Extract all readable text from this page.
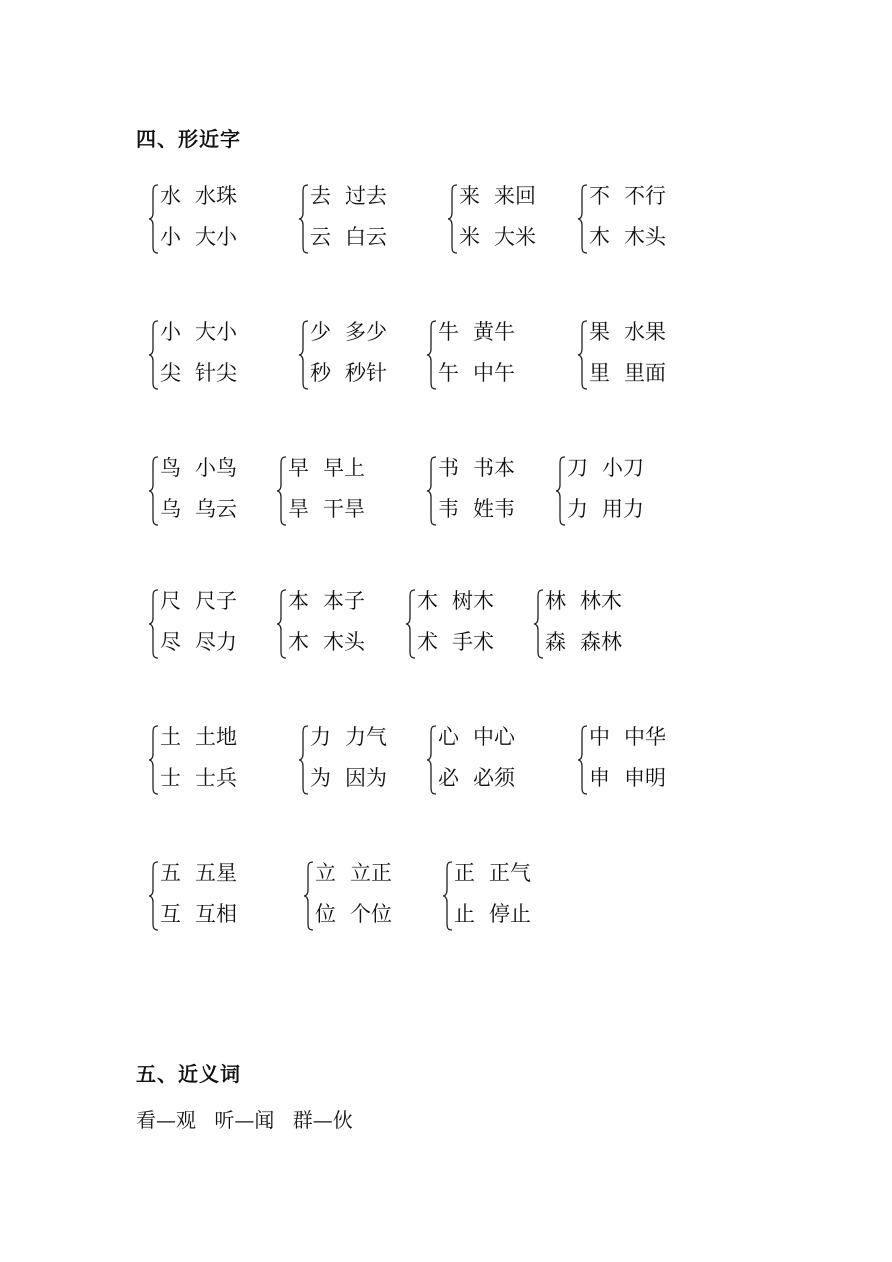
四、形近字
水 水珠
小 大小
去 过去
云 白云
来 来回
米 大米
不 不行
木 木头
小 大小
尖 针尖
少 多少
秒 秒针
牛 黄牛
午 中午
果 水果
里 里面
鸟 小鸟
乌 乌云
早 早上
旱 干旱
书 书本
韦 姓韦
刀 小刀
力 用力
尺 尺子
尽 尽力
本 本子
木 木头
木 树木
术 手术
林 林木
森 森林
土 土地
士 士兵
力 力气
为 因为
心 中心
必 必须
中 中华
申 申明
五 五星
互 互相
立 立正
位 个位
正 正气
止 停止
五、近义词
看—观 听—闻 群—伙
